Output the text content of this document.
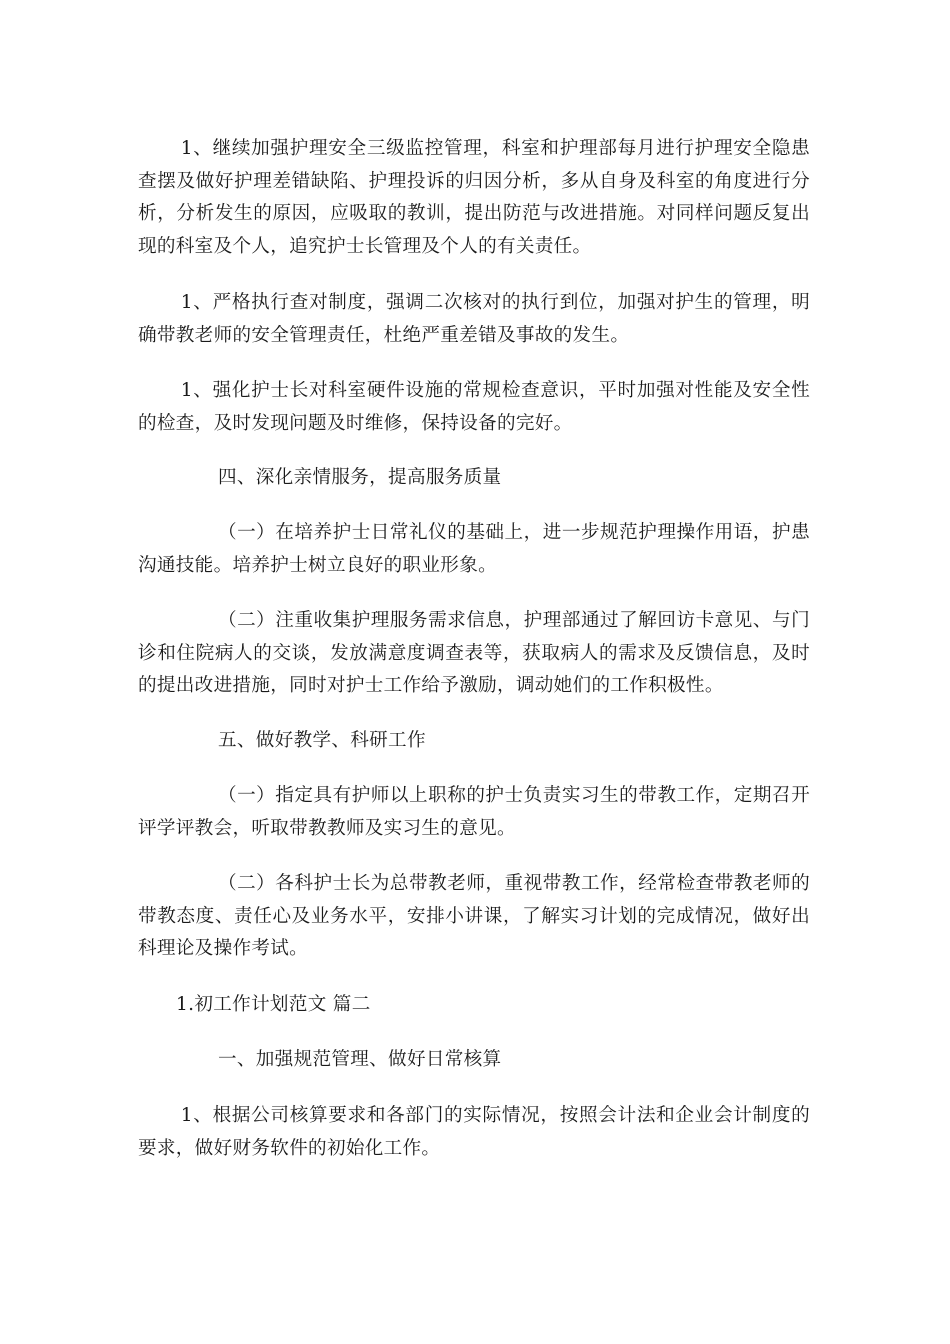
1、继续加强护理安全三级监控管理，科室和护理部每月进行护理安全隐患查摆及做好护理差错缺陷、护理投诉的归因分析，多从自身及科室的角度进行分析，分析发生的原因，应吸取的教训，提出防范与改进措施。对同样问题反复出现的科室及个人，追究护士长管理及个人的有关责任。

1、严格执行查对制度，强调二次核对的执行到位，加强对护生的管理，明确带教老师的安全管理责任，杜绝严重差错及事故的发生。

1、强化护士长对科室硬件设施的常规检查意识，平时加强对性能及安全性的检查，及时发现问题及时维修，保持设备的完好。

四、深化亲情服务，提高服务质量

（一）在培养护士日常礼仪的基础上，进一步规范护理操作用语，护患沟通技能。培养护士树立良好的职业形象。

（二）注重收集护理服务需求信息，护理部通过了解回访卡意见、与门诊和住院病人的交谈，发放满意度调查表等，获取病人的需求及反馈信息，及时的提出改进措施，同时对护士工作给予激励，调动她们的工作积极性。

五、做好教学、科研工作

（一）指定具有护师以上职称的护士负责实习生的带教工作，定期召开评学评教会，听取带教教师及实习生的意见。

（二）各科护士长为总带教老师，重视带教工作，经常检查带教老师的带教态度、责任心及业务水平，安排小讲课，了解实习计划的完成情况，做好出科理论及操作考试。

1.初工作计划范文 篇二

一、加强规范管理、做好日常核算

1、根据公司核算要求和各部门的实际情况，按照会计法和企业会计制度的要求，做好财务软件的初始化工作。
